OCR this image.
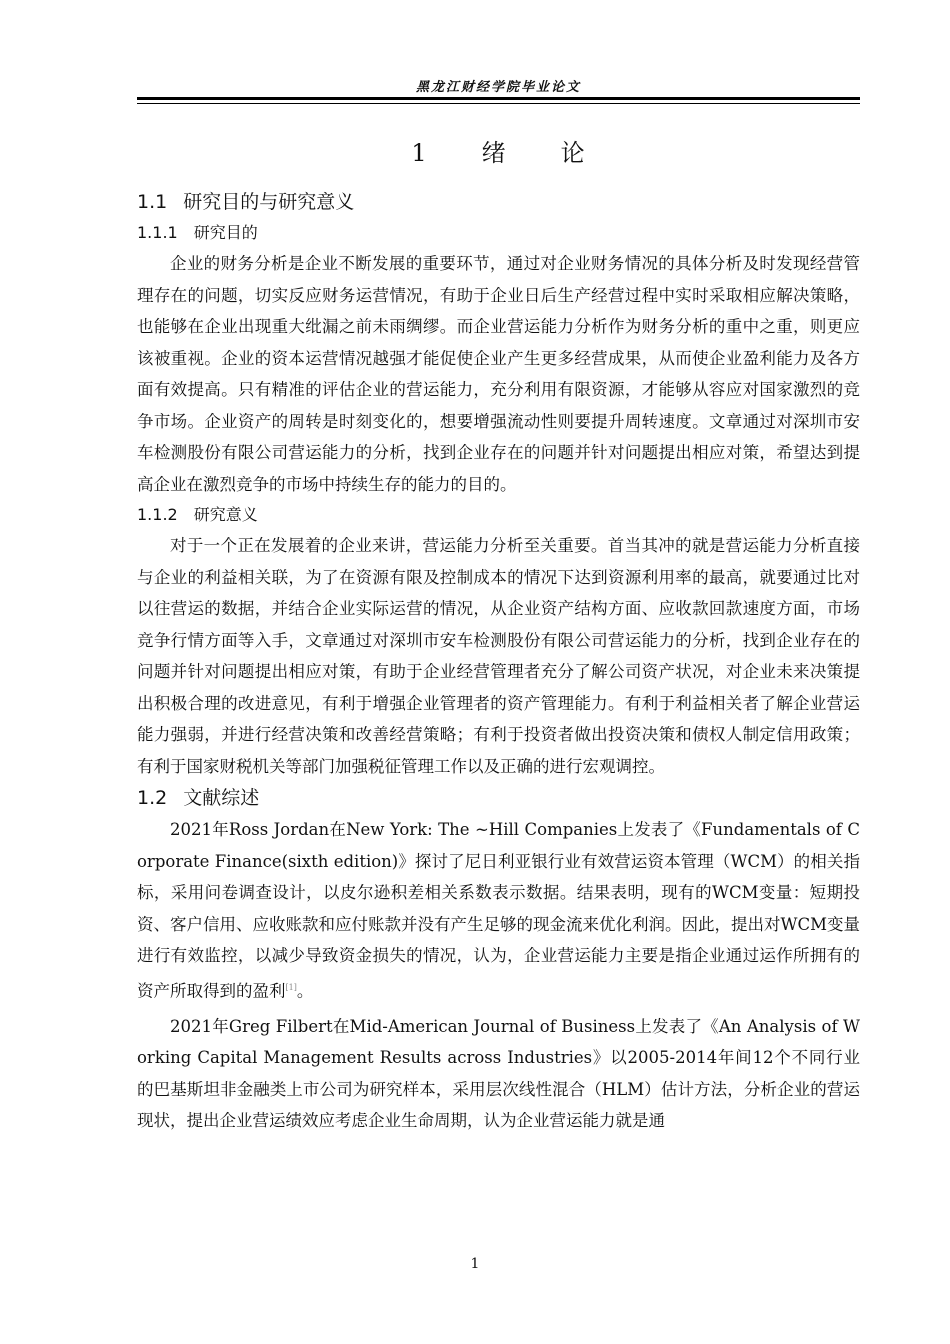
黑龙江财经学院毕业论文
1 绪 论
1.1 研究目的与研究意义
1.1.1 研究目的

企业的财务分析是企业不断发展的重要环节，通过对企业财务情况的具体分析及时发现经营管理存在的问题，切实反应财务运营情况，有助于企业日后生产经营过程中实时采取相应解决策略，也能够在企业出现重大纰漏之前未雨绸缪。而企业营运能力分析作为财务分析的重中之重，则更应该被重视。企业的资本运营情况越强才能促使企业产生更多经营成果，从而使企业盈利能力及各方面有效提高。只有精准的评估企业的营运能力，充分利用有限资源，才能够从容应对国家激烈的竞争市场。企业资产的周转是时刻变化的，想要增强流动性则要提升周转速度。文章通过对深圳市安车检测股份有限公司营运能力的分析，找到企业存在的问题并针对问题提出相应对策，希望达到提高企业在激烈竞争的市场中持续生存的能力的目的。

1.1.2 研究意义

对于一个正在发展着的企业来讲，营运能力分析至关重要。首当其冲的就是营运能力分析直接与企业的利益相关联，为了在资源有限及控制成本的情况下达到资源利用率的最高，就要通过比对以往营运的数据，并结合企业实际运营的情况，从企业资产结构方面、应收款回款速度方面，市场竞争行情方面等入手，文章通过对深圳市安车检测股份有限公司营运能力的分析，找到企业存在的问题并针对问题提出相应对策，有助于企业经营管理者充分了解公司资产状况，对企业未来决策提出积极合理的改进意见，有利于增强企业管理者的资产管理能力。有利于利益相关者了解企业营运能力强弱，并进行经营决策和改善经营策略；有利于投资者做出投资决策和债权人制定信用政策；有利于国家财税机关等部门加强税征管理工作以及正确的进行宏观调控。

1.2 文献综述

2021年Ross Jordan在New York: The ~Hill Companies上发表了《Fundamentals of Corporate Finance(sixth edition)》探讨了尼日利亚银行业有效营运资本管理（WCM）的相关指标，采用问卷调查设计，以皮尔逊积差相关系数表示数据。结果表明，现有的WCM变量：短期投资、客户信用、应收账款和应付账款并没有产生足够的现金流来优化利润。因此，提出对WCM变量进行有效监控，以减少导致资金损失的情况，认为，企业营运能力主要是指企业通过运作所拥有的资产所取得到的盈利[1]。

2021年Greg Filbert在Mid-American Journal of Business上发表了《An Analysis of Working Capital Management Results across Industries》以2005-2014年间12个不同行业的巴基斯坦非金融类上市公司为研究样本，采用层次线性混合（HLM）估计方法，分析企业的营运现状，提出企业营运绩效应考虑企业生命周期，认为企业营运能力就是通

1
